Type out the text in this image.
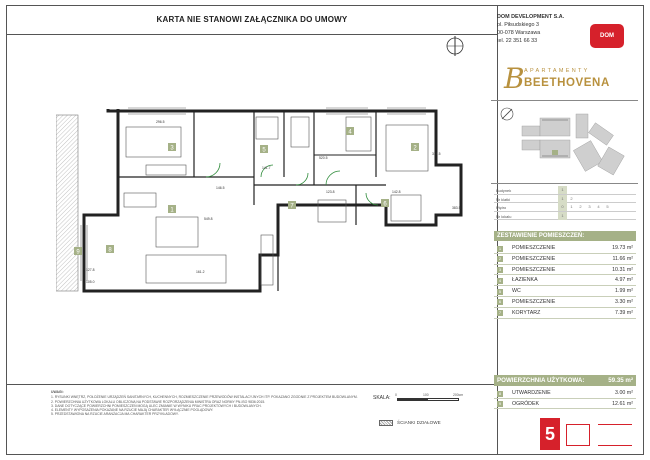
KARTA NIE STANOWI ZAŁĄCZNIKA DO UMOWY	DOM DEVELOPMENT S.A.
pl. Piłsudskiego 3
00-078 Warszawa
tel. 22 351 66 33
DOM
B APARTAMENTY
BEETHOVENA
Budynek	1
Nr klatki	1	2
Piętro	0	1	2	3	4	5
Nr lokalu	1
ZESTAWIENIE POMIESZCZEŃ:
1	POMIESZCZENIE	19.73 m²
2	POMIESZCZENIE	11.66 m²
3	POMIESZCZENIE	10.31 m²
4	ŁAZIENKA	4.97 m²
5	WC	1.99 m²
6	POMIESZCZENIE	3.30 m²
7	KORYTARZ	7.39 m²
POWIERZCHNIA UŻYTKOWA:	59.35 m²
8	UTWARDZENIE	3.00 m²
9	OGRÓDEK	12.61 m²
5
3	2
1
7
4
5
6
8
9
296.5
520.5
316.5
383.5
549.8
127.8
146.5
105.0
161.2
123.8
141.7
142.8
UWAGI:
1. RYSUNKI WNĘTRZ, POŁOŻENIE URZĄDZEŃ SANITARNYCH, KUCHENNYCH, ROZMIESZCZENIE PRZEWODÓW INSTALACYJNYCH ITP. POKAZANO ZGODNIE Z PROJEKTEM BUDOWLANYM.
2. POWIERZCHNIA UŻYTKOWA LOKALU OBLICZONA NA PODSTAWIE ROZPORZĄDZENIA MINISTRA ORAZ NORMY PN-ISO 9836:2015.
3. DANE DOTYCZĄCE POWIERZCHNI POMIESZCZEŃ MOGĄ ULEC ZMIANIE W WYNIKU PRAC PROJEKTOWYCH I BUDOWLANYCH.
4. ELEMENTY WYPOSAŻENIA POKAZANE NA RZUCIE MAJĄ CHARAKTER WYŁĄCZNIE POGLĄDOWY.
5. PRZEDSTAWIONA NA RZUCIE ARANŻACJA MA CHARAKTER PRZYKŁADOWY.
SKALA: 0	100	200cm
ŚCIANKI DZIAŁOWE
